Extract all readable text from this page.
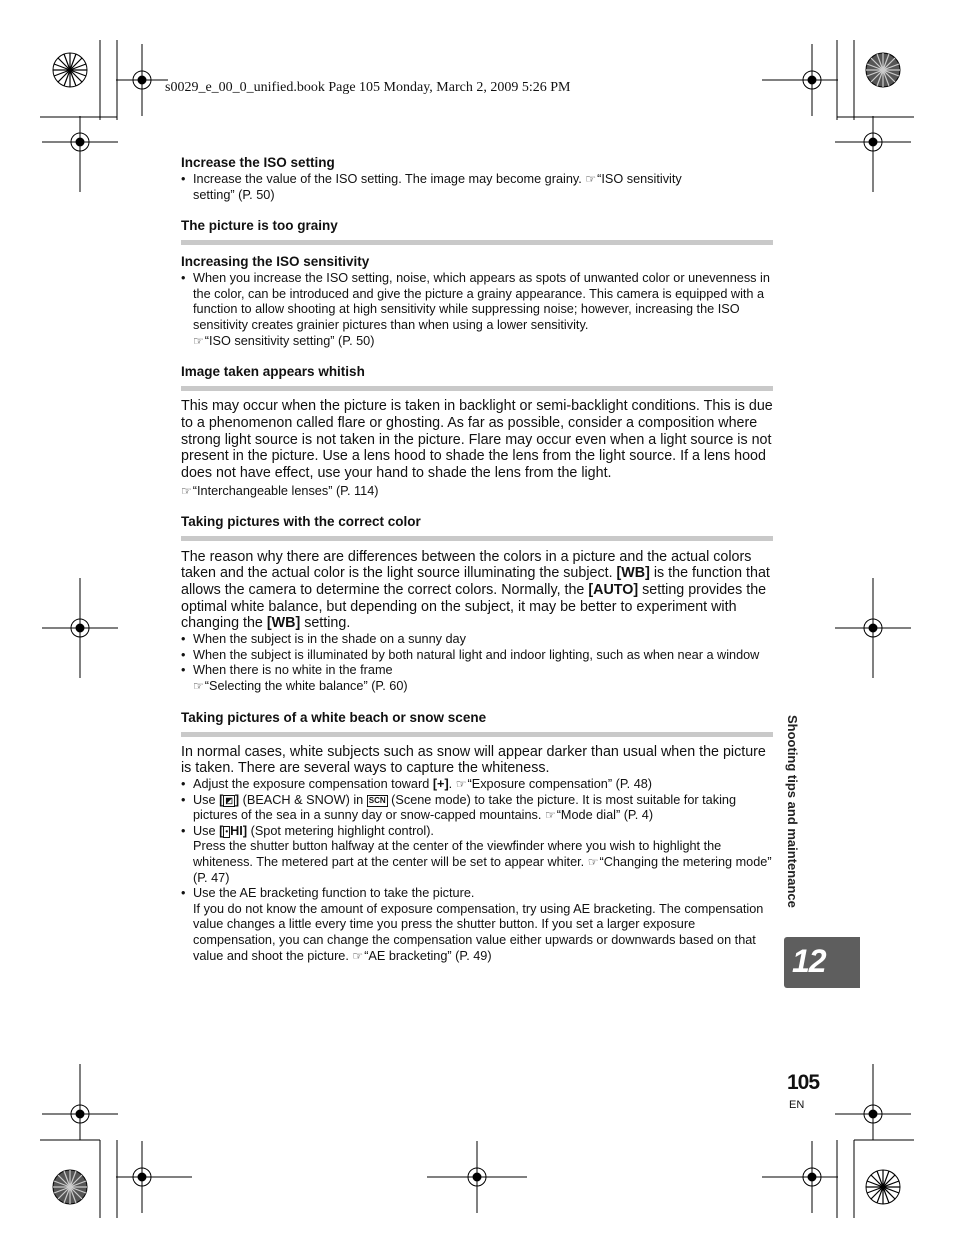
s0029_e_00_0_unified.book Page 105 Monday, March 2, 2009 5:26 PM

Increase the ISO setting

• Increase the value of the ISO setting. The image may become grainy. ☞“ISO sensitivity
setting” (P. 50)

The picture is too grainy

Increasing the ISO sensitivity

• When you increase the ISO setting, noise, which appears as spots of unwanted color or unevenness in the color, can be introduced and give the picture a grainy appearance. This camera is equipped with a function to allow shooting at high sensitivity while suppressing noise; however, increasing the ISO sensitivity creates grainier pictures than when using a lower sensitivity.
☞“ISO sensitivity setting” (P. 50)

Image taken appears whitish

This may occur when the picture is taken in backlight or semi-backlight conditions. This is due to a phenomenon called flare or ghosting. As far as possible, consider a composition where strong light source is not taken in the picture. Flare may occur even when a light source is not present in the picture. Use a lens hood to shade the lens from the light source. If a lens hood does not have effect, use your hand to shade the lens from the light.

☞“Interchangeable lenses” (P. 114)

Taking pictures with the correct color

The reason why there are differences between the colors in a picture and the actual colors taken and the actual color is the light source illuminating the subject. [WB] is the function that allows the camera to determine the correct colors. Normally, the [AUTO] setting provides the optimal white balance, but depending on the subject, it may be better to experiment with changing the [WB] setting.

• When the subject is in the shade on a sunny day
• When the subject is illuminated by both natural light and indoor lighting, such as when near a window
• When there is no white in the frame
☞“Selecting the white balance” (P. 60)

Taking pictures of a white beach or snow scene

In normal cases, white subjects such as snow will appear darker than usual when the picture is taken. There are several ways to capture the whiteness.

• Adjust the exposure compensation toward [+]. ☞“Exposure compensation” (P. 48)
• Use [ ◩ ] (BEACH & SNOW) in SCN (Scene mode) to take the picture. It is most suitable for taking pictures of the sea in a sunny day or snow-capped mountains. ☞“Mode dial” (P. 4)
• Use [ • HI] (Spot metering highlight control).
Press the shutter button halfway at the center of the viewfinder where you wish to highlight the whiteness. The metered part at the center will be set to appear whiter. ☞“Changing the metering mode” (P. 47)
• Use the AE bracketing function to take the picture.
If you do not know the amount of exposure compensation, try using AE bracketing. The compensation value changes a little every time you press the shutter button. If you set a larger exposure compensation, you can change the compensation value either upwards or downwards based on that value and shoot the picture. ☞“AE bracketing” (P. 49)
Shooting tips and maintenance
12
105
EN
